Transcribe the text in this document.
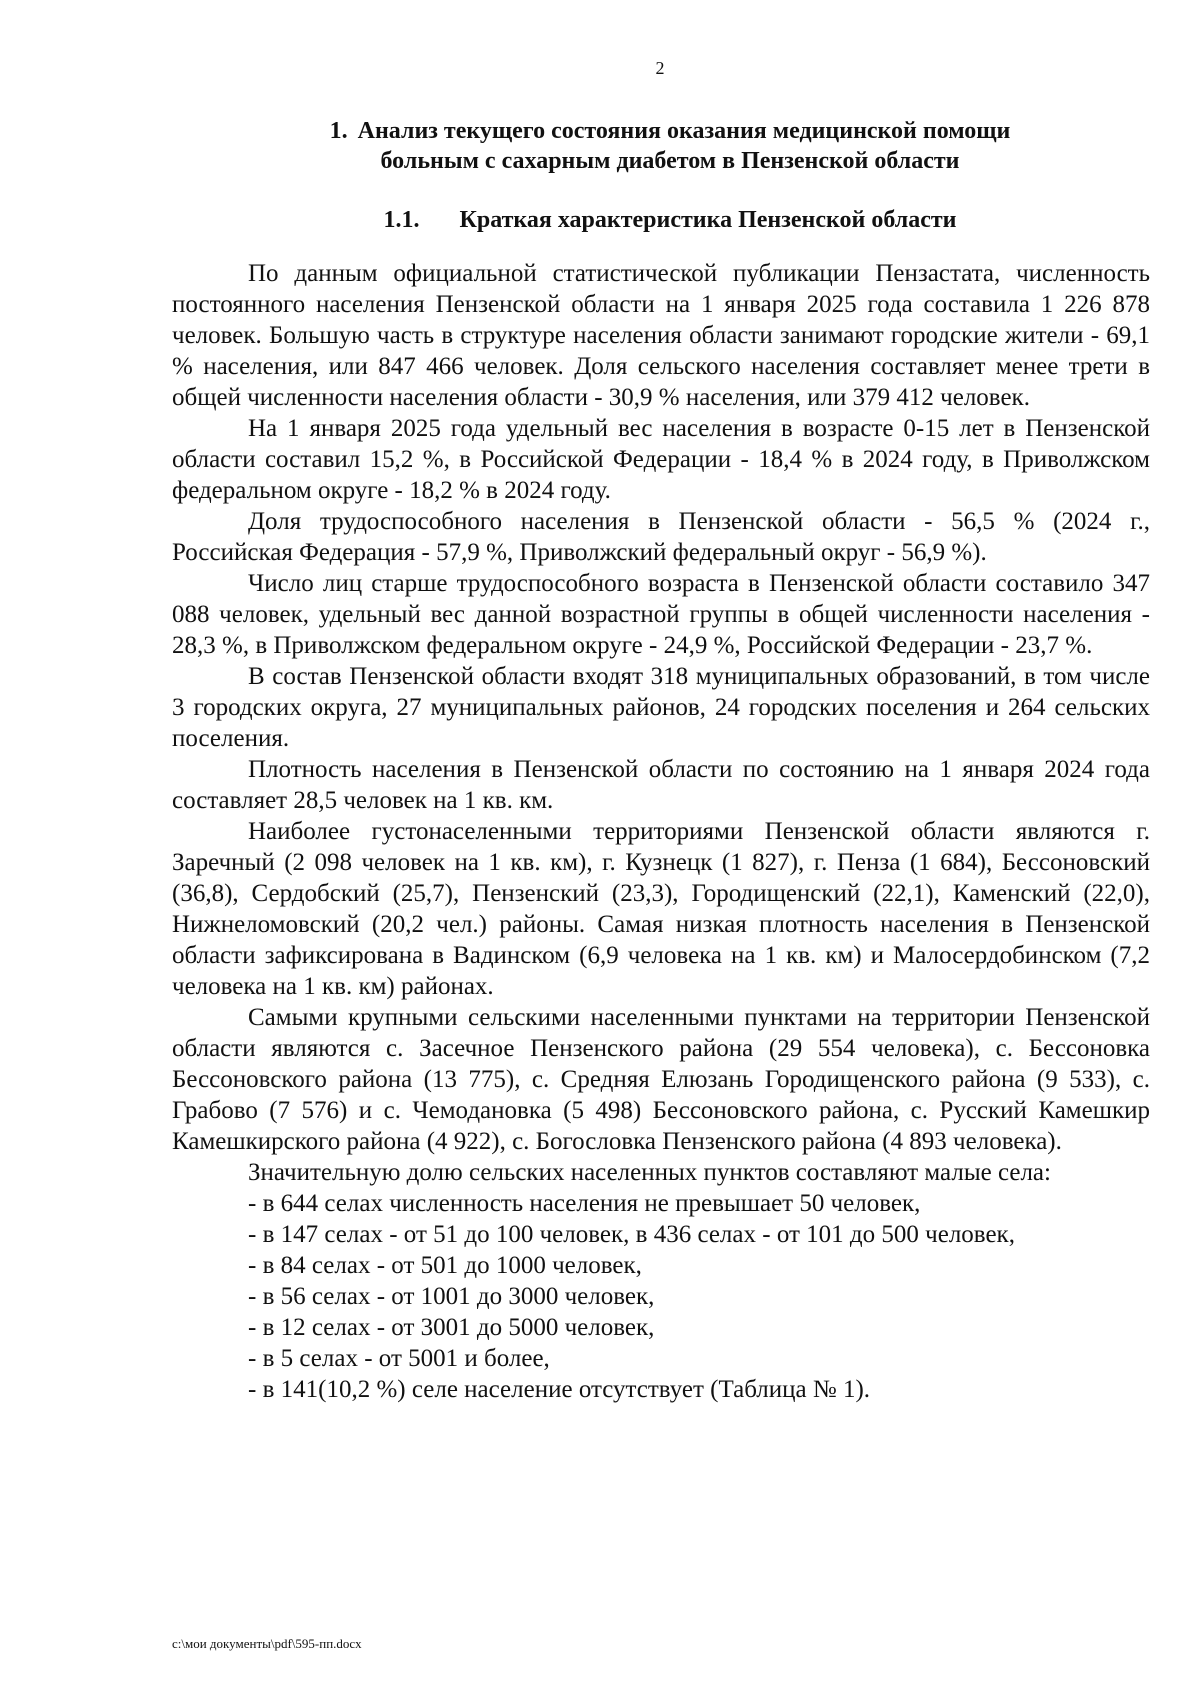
2
1. Анализ текущего состояния оказания медицинской помощи
больным с сахарным диабетом в Пензенской области
1.1. Краткая характеристика Пензенской области

По данным официальной статистической публикации Пензастата, численность постоянного населения Пензенской области на 1 января 2025 года составила 1 226 878 человек. Большую часть в структуре населения области занимают городские жители - 69,1 % населения, или 847 466 человек. Доля сельского населения составляет менее трети в общей численности населения области - 30,9 % населения, или 379 412 человек.

На 1 января 2025 года удельный вес населения в возрасте 0-15 лет в Пензенской области составил 15,2 %, в Российской Федерации - 18,4 % в 2024 году, в Приволжском федеральном округе - 18,2 % в 2024 году.

Доля трудоспособного населения в Пензенской области - 56,5 % (2024 г., Российская Федерация - 57,9 %, Приволжский федеральный округ - 56,9 %).

Число лиц старше трудоспособного возраста в Пензенской области составило 347 088 человек, удельный вес данной возрастной группы в общей численности населения - 28,3 %, в Приволжском федеральном округе - 24,9 %, Российской Федерации - 23,7 %.

В состав Пензенской области входят 318 муниципальных образований, в том числе 3 городских округа, 27 муниципальных районов, 24 городских поселения и 264 сельских поселения.

Плотность населения в Пензенской области по состоянию на 1 января 2024 года составляет 28,5 человек на 1 кв. км.

Наиболее густонаселенными территориями Пензенской области являются г. Заречный (2 098 человек на 1 кв. км), г. Кузнецк (1 827), г. Пенза (1 684), Бессоновский (36,8), Сердобский (25,7), Пензенский (23,3), Городищенский (22,1), Каменский (22,0), Нижнеломовский (20,2 чел.) районы. Самая низкая плотность населения в Пензенской области зафиксирована в Вадинском (6,9 человека на 1 кв. км) и Малосердобинском (7,2 человека на 1 кв. км) районах.

Самыми крупными сельскими населенными пунктами на территории Пензенской области являются с. Засечное Пензенского района (29 554 человека), с. Бессоновка Бессоновского района (13 775), с. Средняя Елюзань Городищенского района (9 533), с. Грабово (7 576) и с. Чемодановка (5 498) Бессоновского района, с. Русский Камешкир Камешкирского района (4 922), с. Богословка Пензенского района (4 893 человека).

Значительную долю сельских населенных пунктов составляют малые села:

- в 644 селах численность населения не превышает 50 человек,
- в 147 селах - от 51 до 100 человек, в 436 селах - от 101 до 500 человек,
- в 84 селах - от 501 до 1000 человек,
- в 56 селах - от 1001 до 3000 человек,
- в 12 селах - от 3001 до 5000 человек,
- в 5 селах - от 5001 и более,
- в 141(10,2 %) селе население отсутствует (Таблица № 1).
c:\мои документы\pdf\595-пп.docx
